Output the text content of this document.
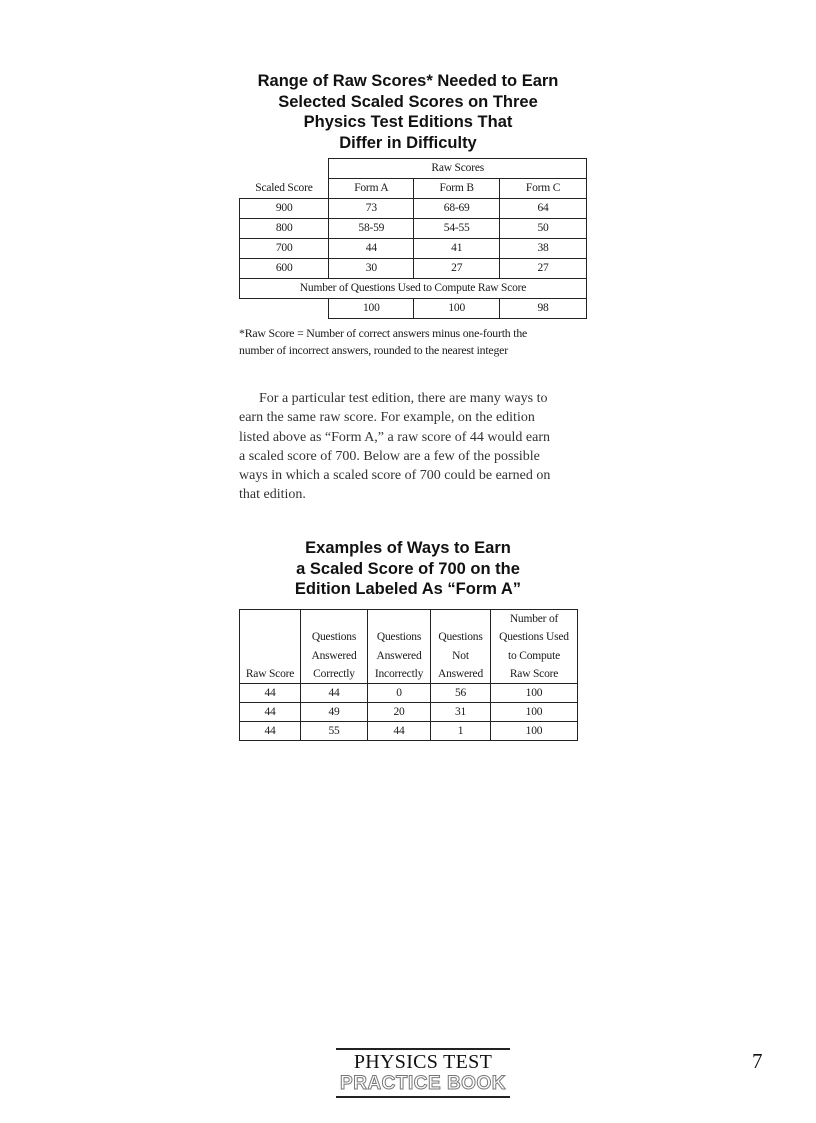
Range of Raw Scores* Needed to Earn
Selected Scaled Scores on Three
Physics Test Editions That
Differ in Difficulty
	Raw Scores		
Scaled Score	Form A	Form B	Form C
900	73	68-69	64
800	58-59	54-55	50
700	44	41	38
600	30	27	27
Number of Questions Used to Compute Raw Score			
	100	100	98
*Raw Score = Number of correct answers minus one-fourth the
number of incorrect answers, rounded to the nearest integer
For a particular test edition, there are many ways to
earn the same raw score. For example, on the edition
listed above as “Form A,” a raw score of 44 would earn
a scaled score of 700. Below are a few of the possible
ways in which a scaled score of 700 could be earned on
that edition.
Examples of Ways to Earn
a Scaled Score of 700 on the
Edition Labeled As “Form A”
				Number of
	Questions	Questions	Questions	Questions Used
	Answered	Answered	Not	to Compute
Raw Score	Correctly	Incorrectly	Answered	Raw Score
44	44	0	56	100
44	49	20	31	100
44	55	44	1	100
PHYSICS TEST
PRACTICE BOOK
7
